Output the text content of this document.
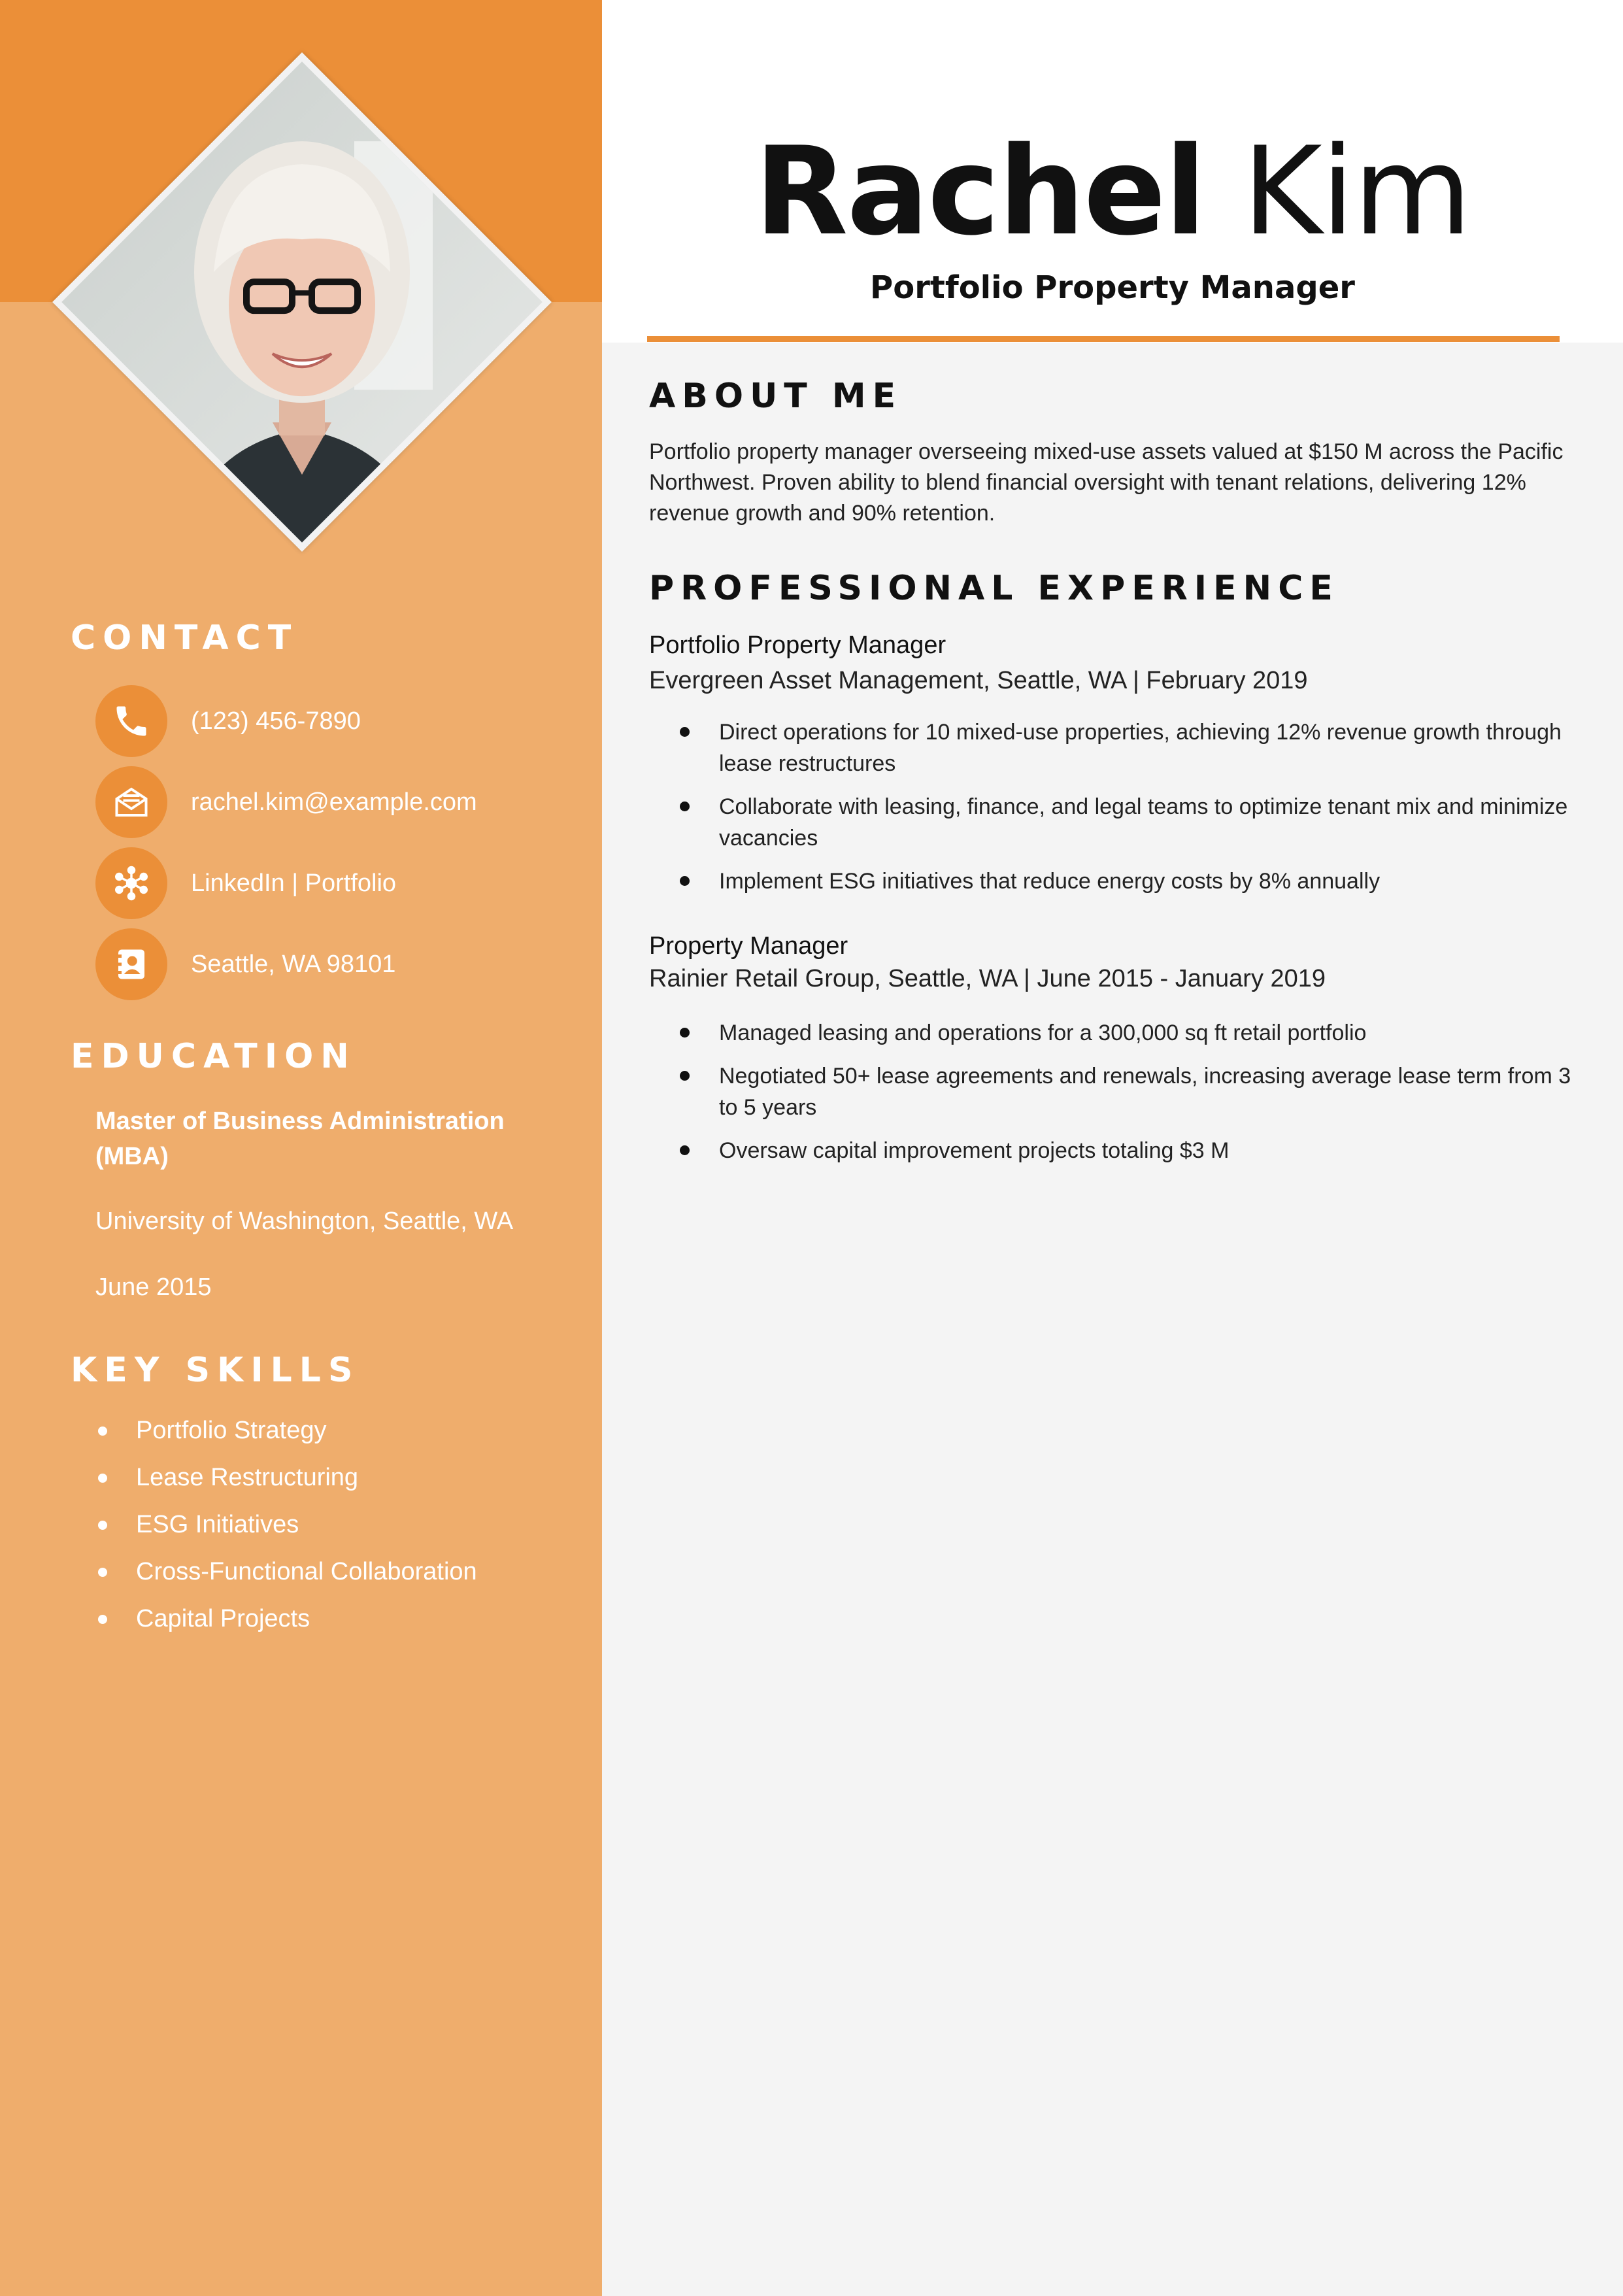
CONTACT
(123) 456-7890
rachel.kim@example.com
LinkedIn | Portfolio
Seattle, WA 98101
EDUCATION
Master of Business Administration (MBA)
University of Washington, Seattle, WA
June 2015
KEY SKILLS
Portfolio Strategy
Lease Restructuring
ESG Initiatives
Cross-Functional Collaboration
Capital Projects
Rachel Kim
Portfolio Property Manager
ABOUT ME
Portfolio property manager overseeing mixed-use assets valued at $150 M across the Pacific Northwest. Proven ability to blend financial oversight with tenant relations, delivering 12% revenue growth and 90% retention.
PROFESSIONAL EXPERIENCE
Portfolio Property Manager
Evergreen Asset Management, Seattle, WA | February 2019
Direct operations for 10 mixed-use properties, achieving 12% revenue growth through lease restructures
Collaborate with leasing, finance, and legal teams to optimize tenant mix and minimize vacancies
Implement ESG initiatives that reduce energy costs by 8% annually
Property Manager
Rainier Retail Group, Seattle, WA | June 2015 - January 2019
Managed leasing and operations for a 300,000 sq ft retail portfolio
Negotiated 50+ lease agreements and renewals, increasing average lease term from 3 to 5 years
Oversaw capital improvement projects totaling $3 M
